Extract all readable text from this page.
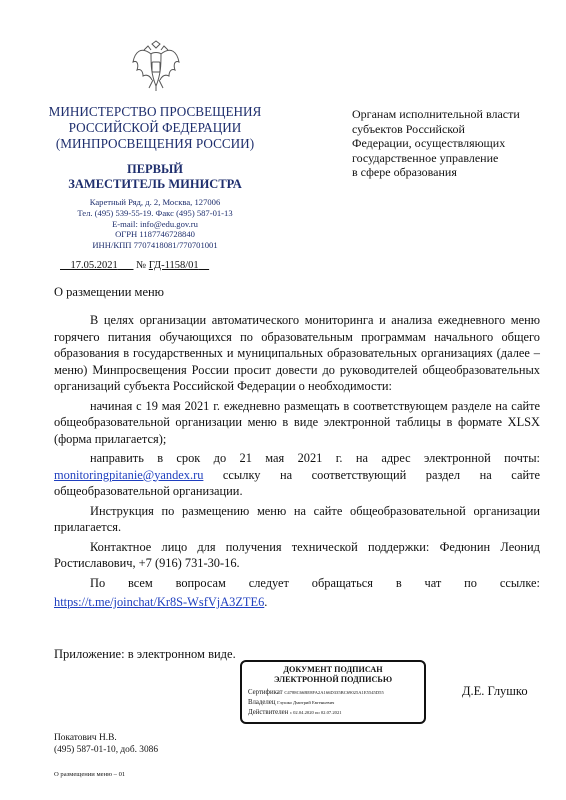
МИНИСТЕРСТВО ПРОСВЕЩЕНИЯ
РОССИЙСКОЙ ФЕДЕРАЦИИ
(МИНПРОСВЕЩЕНИЯ РОССИИ)
ПЕРВЫЙ
ЗАМЕСТИТЕЛЬ МИНИСТРА
Каретный Ряд, д. 2, Москва, 127006
Тел. (495) 539-55-19. Факс (495) 587-01-13
E-mail: info@edu.gov.ru
ОГРН 1187746728840
ИНН/КПП 7707418081/770701001
17.05.2021 № ГД-1158/01
Органам исполнительной власти
субъектов Российской
Федерации, осуществляющих
государственное управление
в сфере образования
О размещении меню

В целях организации автоматического мониторинга и анализа ежедневного меню горячего питания обучающихся по образовательным программам начального общего образования в государственных и муниципальных образовательных организациях (далее – меню) Минпросвещения России просит довести до руководителей общеобразовательных организаций субъекта Российской Федерации о необходимости:

начиная с 19 мая 2021 г. ежедневно размещать в соответствующем разделе на сайте общеобразовательной организации меню в виде электронной таблицы в формате XLSX (форма прилагается);

направить в срок до 21 мая 2021 г. на адрес электронной почты: monitoringpitanie@yandex.ru ссылку на соответствующий раздел на сайте общеобразовательной организации.

Инструкция по размещению меню на сайте общеобразовательной организации прилагается.

Контактное лицо для получения технической поддержки: Федюнин Леонид Ростиславович, +7 (916) 731-30-16.

По всем вопросам следует обращаться в чат по ссылке:

https://t.me/joinchat/Kr8S-WsfVjA3ZTE6.

Приложение: в электронном виде.
ДОКУМЕНТ ПОДПИСАН
ЭЛЕКТРОННОЙ ПОДПИСЬЮ
Сертификат C4788C66BE8FA2A166D335BC69025A1E5545D55
Владелец Глушко Дмитрий Евгеньевич
Действителен с 02.04.2020 по 02.07.2021
Д.Е. Глушко
Покатович Н.В.
(495) 587-01-10, доб. 3086
О размещении меню – 01
